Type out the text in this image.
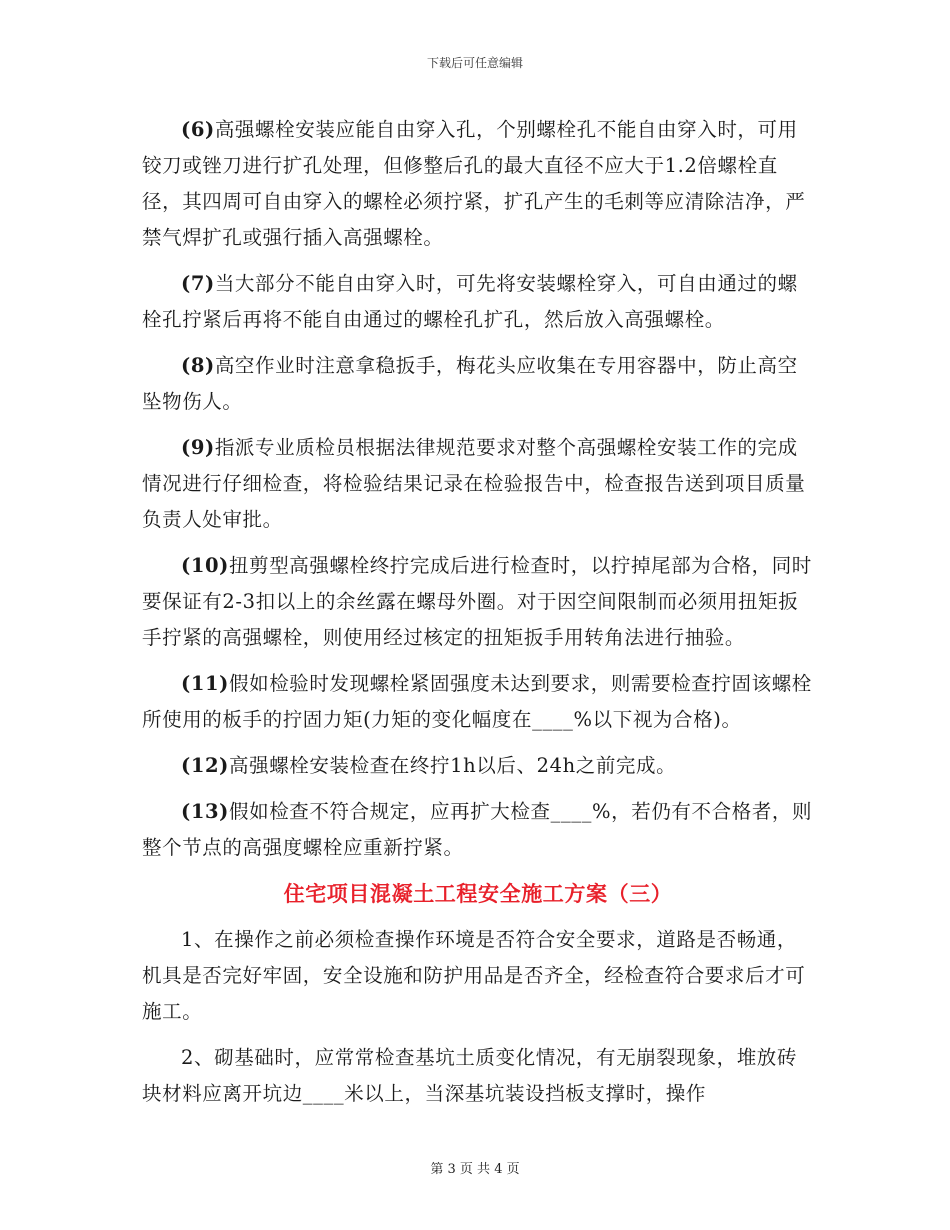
下载后可任意编辑

(6)高强螺栓安装应能自由穿入孔，个别螺栓孔不能自由穿入时，可用铰刀或锉刀进行扩孔处理，但修整后孔的最大直径不应大于1.2倍螺栓直径，其四周可自由穿入的螺栓必须拧紧，扩孔产生的毛刺等应清除洁净，严禁气焊扩孔或强行插入高强螺栓。

(7)当大部分不能自由穿入时，可先将安装螺栓穿入，可自由通过的螺栓孔拧紧后再将不能自由通过的螺栓孔扩孔，然后放入高强螺栓。

(8)高空作业时注意拿稳扳手，梅花头应收集在专用容器中，防止高空坠物伤人。

(9)指派专业质检员根据法律规范要求对整个高强螺栓安装工作的完成情况进行仔细检查，将检验结果记录在检验报告中，检查报告送到项目质量负责人处审批。

(10)扭剪型高强螺栓终拧完成后进行检查时，以拧掉尾部为合格，同时要保证有2-3扣以上的余丝露在螺母外圈。对于因空间限制而必须用扭矩扳手拧紧的高强螺栓，则使用经过核定的扭矩扳手用转角法进行抽验。

(11)假如检验时发现螺栓紧固强度未达到要求，则需要检查拧固该螺栓所使用的板手的拧固力矩(力矩的变化幅度在____%以下视为合格)。

(12)高强螺栓安装检查在终拧1h以后、24h之前完成。

(13)假如检查不符合规定，应再扩大检查____%，若仍有不合格者，则整个节点的高强度螺栓应重新拧紧。

住宅项目混凝土工程安全施工方案（三）

1、在操作之前必须检查操作环境是否符合安全要求，道路是否畅通，机具是否完好牢固，安全设施和防护用品是否齐全，经检查符合要求后才可施工。

2、砌基础时，应常常检查基坑土质变化情况，有无崩裂现象，堆放砖块材料应离开坑边____米以上，当深基坑装设挡板支撑时，操作

第 3 页 共 4 页
